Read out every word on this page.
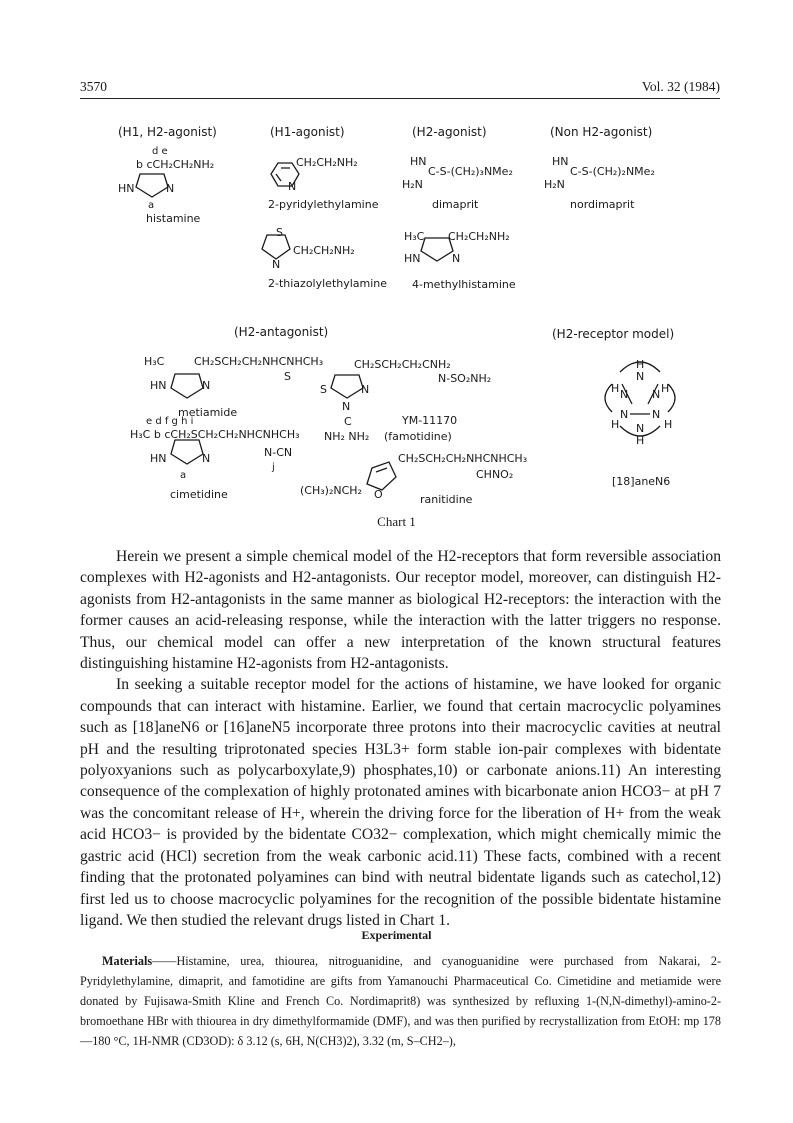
3570	Vol. 32 (1984)
(H1, H2-agonist)	(H1-agonist)	(H2-agonist)	(Non H2-agonist)
d e
b cCH₂CH₂NH₂
HN	N
a
histamine
CH₂CH₂NH₂
N
2-pyridylethylamine
HN
C-S-(CH₂)₃NMe₂
H₂N
dimaprit
HN
C-S-(CH₂)₂NMe₂
H₂N
nordimaprit
S
CH₂CH₂NH₂
N
2-thiazolylethylamine
H₃C CH₂CH₂NH₂
HN	N
4-methylhistamine
(H2-antagonist)	(H2-receptor model)
H₃C	CH₂SCH₂CH₂NHCNHCH₃
S
HN	N
metiamide
e d f g h i
H₃C b cCH₂SCH₂CH₂NHCNHCH₃
N-CN
j
HN	N
a
cimetidine
CH₂SCH₂CH₂CNH₂
N-SO₂NH₂
S	N
N
C
NH₂ NH₂
YM-11170
(famotidine)
CH₂SCH₂CH₂NHCNHCH₃
CHNO₂
(CH₃)₂NCH₂ O	ranitidine
H
N
H	H
N N
N N
H	H
N
H
[18]aneN6
Chart 1

Herein we present a simple chemical model of the H2-receptors that form reversible association complexes with H2-agonists and H2-antagonists. Our receptor model, moreover, can distinguish H2-agonists from H2-antagonists in the same manner as biological H2-receptors: the interaction with the former causes an acid-releasing response, while the interaction with the latter triggers no response. Thus, our chemical model can offer a new interpretation of the known structural features distinguishing histamine H2-agonists from H2-antagonists.

In seeking a suitable receptor model for the actions of histamine, we have looked for organic compounds that can interact with histamine. Earlier, we found that certain macrocyclic polyamines such as [18]aneN6 or [16]aneN5 incorporate three protons into their macrocyclic cavities at neutral pH and the resulting triprotonated species H3L3+ form stable ion-pair complexes with bidentate polyoxyanions such as polycarboxylate,9) phosphates,10) or carbonate anions.11) An interesting consequence of the complexation of highly protonated amines with bicarbonate anion HCO3− at pH 7 was the concomitant release of H+, wherein the driving force for the liberation of H+ from the weak acid HCO3− is provided by the bidentate CO32− complexation, which might chemically mimic the gastric acid (HCl) secretion from the weak carbonic acid.11) These facts, combined with a recent finding that the protonated polyamines can bind with neutral bidentate ligands such as catechol,12) first led us to choose macrocyclic polyamines for the recognition of the possible bidentate histamine ligand. We then studied the relevant drugs listed in Chart 1.

Experimental
Materials——Histamine, urea, thiourea, nitroguanidine, and cyanoguanidine were purchased from Nakarai, 2-Pyridylethylamine, dimaprit, and famotidine are gifts from Yamanouchi Pharmaceutical Co. Cimetidine and metiamide were donated by Fujisawa-Smith Kline and French Co. Nordimaprit8) was synthesized by refluxing 1-(N,N-dimethyl)-amino-2-bromoethane HBr with thiourea in dry dimethylformamide (DMF), and was then purified by recrystallization from EtOH: mp 178—180 °C, 1H-NMR (CD3OD): δ 3.12 (s, 6H, N(CH3)2), 3.32 (m, S–CH2–),
